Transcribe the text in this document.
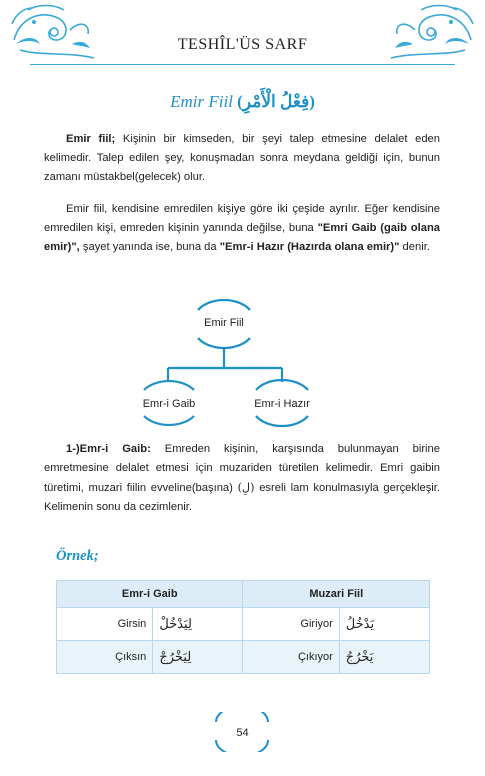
TESHÎL'ÜS SARF
Emir Fiil (فِعْلُ الْأَمْرِ)

Emir fiil; Kişinin bir kimseden, bir şeyi talep etmesine delalet eden kelimedir. Talep edilen şey, konuşmadan sonra meydana geldiği için, bunun zamanı müstakbel(gelecek) olur.

Emir fiil, kendisine emredilen kişiye göre iki çeşide ayrılır. Eğer kendisine emredilen kişi, emreden kişinin yanında değilse, buna "Emri Gaib (gaib olana emir)", şayet yanında ise, buna da "Emr-i Hazır (Hazırda olana emir)" denir.

Emir Fiil
Emr-i Gaib	Emr-i Hazır

1-)Emr-i Gaib: Emreden kişinin, karşısında bulunmayan birine emretmesine delalet etmesi için muzariden türetilen kelimedir. Emri gaibin türetimi, muzari fiilin evveline(başına) (لِ) esreli lam konulmasıyla gerçekleşir. Kelimenin sonu da cezimlenir.

Örnek;
Emr-i Gaib		Muzari Fiil	
Girsin	لِيَدْخُلْ	Giriyor	يَدْخُلُ
Çıksın	لِيَخْرُجْ	Çıkıyor	يَخْرُجُ
54
